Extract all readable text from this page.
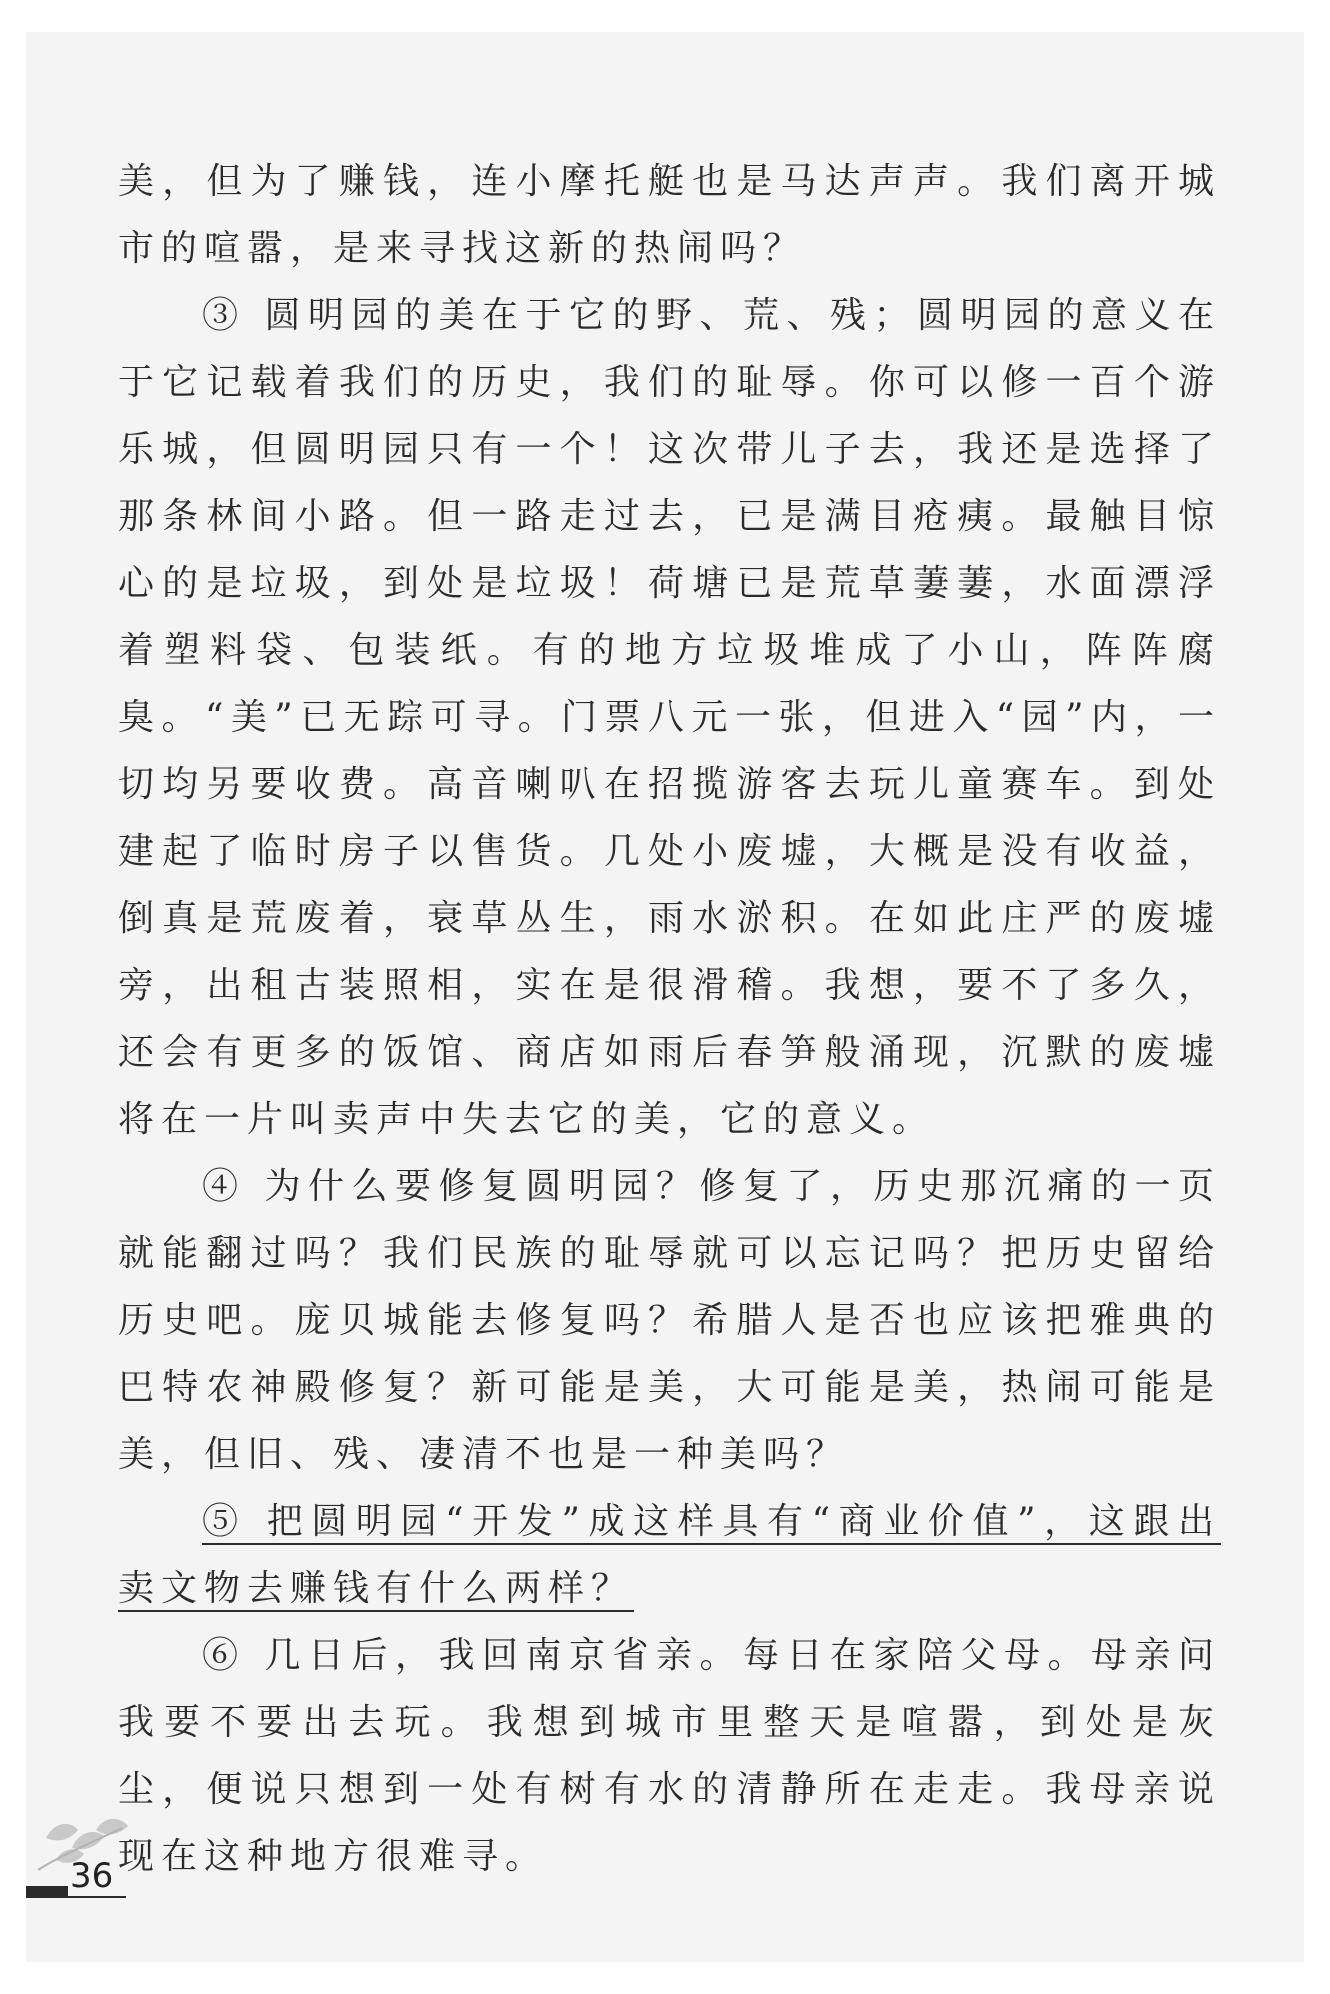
美，但为了赚钱，连小摩托艇也是马达声声。我们离开城市的喧嚣，是来寻找这新的热闹吗？

③ 圆明园的美在于它的野、荒、残；圆明园的意义在于它记载着我们的历史，我们的耻辱。你可以修一百个游乐城，但圆明园只有一个！这次带儿子去，我还是选择了那条林间小路。但一路走过去，已是满目疮痍。最触目惊心的是垃圾，到处是垃圾！荷塘已是荒草萋萋，水面漂浮着塑料袋、包装纸。有的地方垃圾堆成了小山，阵阵腐臭。“美”已无踪可寻。门票八元一张，但进入“园”内，一切均另要收费。高音喇叭在招揽游客去玩儿童赛车。到处建起了临时房子以售货。几处小废墟，大概是没有收益，倒真是荒废着，衰草丛生，雨水淤积。在如此庄严的废墟旁，出租古装照相，实在是很滑稽。我想，要不了多久，还会有更多的饭馆、商店如雨后春笋般涌现，沉默的废墟将在一片叫卖声中失去它的美，它的意义。

④ 为什么要修复圆明园？修复了，历史那沉痛的一页就能翻过吗？我们民族的耻辱就可以忘记吗？把历史留给历史吧。庞贝城能去修复吗？希腊人是否也应该把雅典的巴特农神殿修复？新可能是美，大可能是美，热闹可能是美，但旧、残、凄清不也是一种美吗？

⑤ 把圆明园“开发”成这样具有“商业价值”，这跟出卖文物去赚钱有什么两样？

⑥ 几日后，我回南京省亲。每日在家陪父母。母亲问我要不要出去玩。我想到城市里整天是喧嚣，到处是灰尘，便说只想到一处有树有水的清静所在走走。我母亲说现在这种地方很难寻。

36
